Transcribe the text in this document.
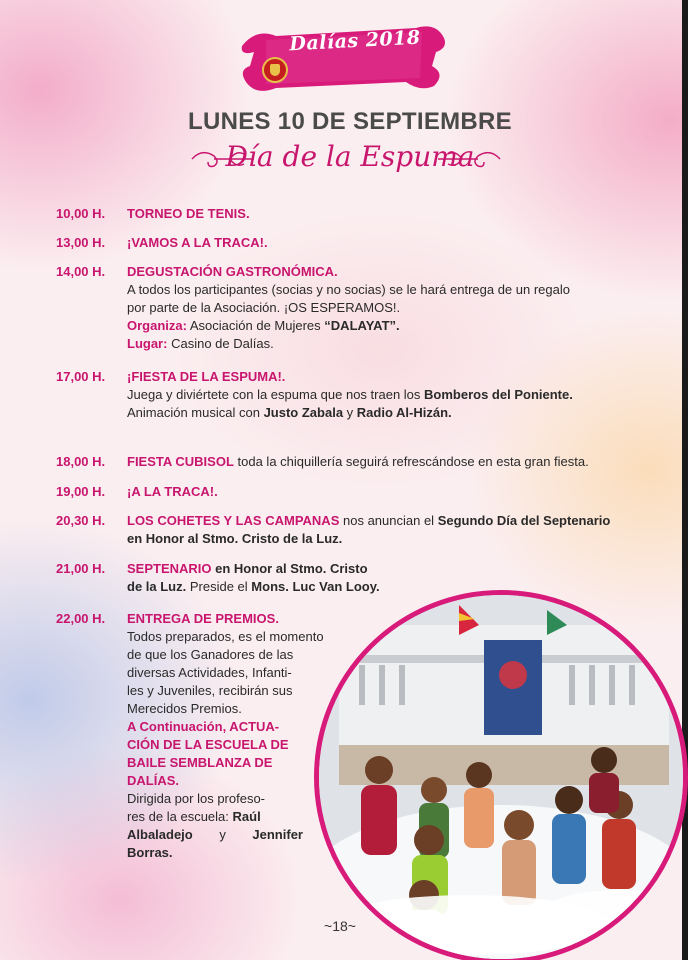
Dalías 2018
LUNES 10 DE SEPTIEMBRE
Día de la Espuma
10,00 H.	TORNEO DE TENIS.
13,00 H.	¡VAMOS A LA TRACA!.
14,00 H.	DEGUSTACIÓN GASTRONÓMICA.
A todos los participantes (socias y no socias) se le hará entrega de un regalo
por parte de la Asociación. ¡OS ESPERAMOS!.
Organiza: Asociación de Mujeres “DALAYAT”.
Lugar: Casino de Dalías.
17,00 H.	¡FIESTA DE LA ESPUMA!.
Juega y diviértete con la espuma que nos traen los Bomberos del Poniente.
Animación musical con Justo Zabala y Radio Al-Hizán.
18,00 H.	FIESTA CUBISOL toda la chiquillería seguirá refrescándose en esta gran fiesta.
19,00 H.	¡A LA TRACA!.
20,30 H.	LOS COHETES Y LAS CAMPANAS nos anuncian el Segundo Día del Septenario
en Honor al Stmo. Cristo de la Luz.
21,00 H.	SEPTENARIO en Honor al Stmo. Cristo
de la Luz. Preside el Mons. Luc Van Looy.
22,00 H.	ENTREGA DE PREMIOS.
Todos preparados, es el momento
de que los Ganadores de las
diversas Actividades, Infanti-
les y Juveniles, recibirán sus
Merecidos Premios.
A Continuación, ACTUA-
CIÓN DE LA ESCUELA DE
BAILE SEMBLANZA DE
DALÍAS.
Dirigida por los profeso-
res de la escuela: Raúl
Albaladejo y Jennifer
Borras.
~18~
